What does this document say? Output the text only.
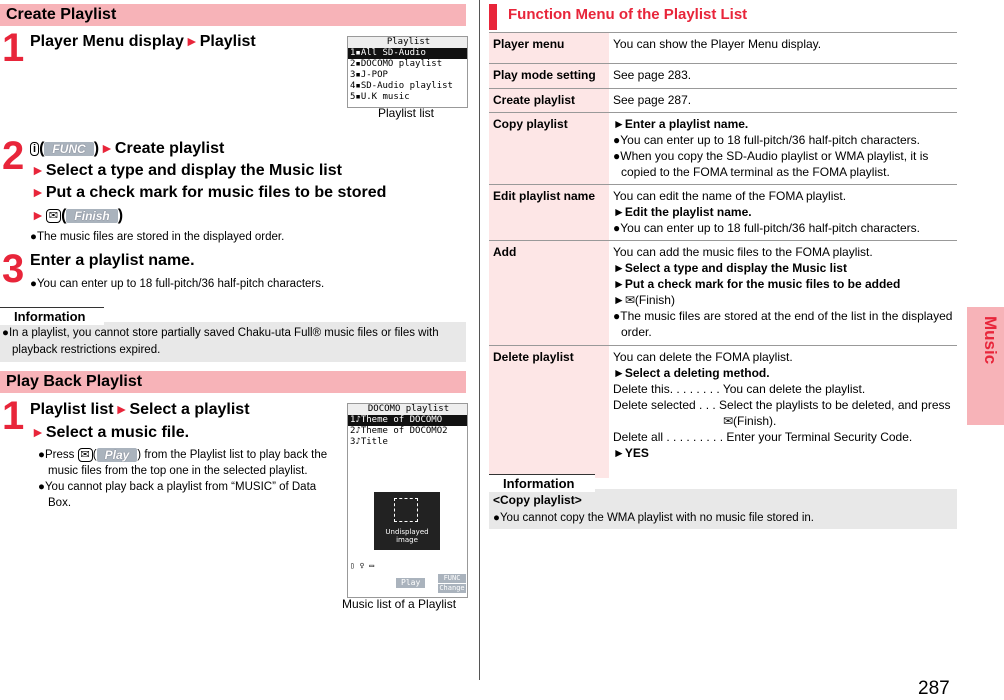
Create Playlist
1 Player Menu display►Playlist	Playlist
1▪All SD-Audio
2▪DOCOMO playlist
3▪J-POP
4▪SD-Audio playlist
5▪U.K music
Playlist list
2 i ( FUNC )►Create playlist
►Select a type and display the Music list
►Put a check mark for music files to be stored
► ✉ ( Finish )
●The music files are stored in the displayed order.
3 Enter a playlist name.
●You can enter up to 18 full-pitch/36 half-pitch characters.
Information
●In a playlist, you cannot store partially saved Chaku-uta Full® music files or files with
playback restrictions expired.
Play Back Playlist
1 Playlist list►Select a playlist
►Select a music file.
●Press ✉ ( Play ) from the Playlist list to play back the
music files from the top one in the selected playlist.
●You cannot play back a playlist from “MUSIC” of Data
Box.
DOCOMO playlist
1♪Theme of DOCOMO
2♪Theme of DOCOMO2
3♪Title
Undisplayed image
▯ ♀ ▭
Play	FUNC
Change
Music list of a Playlist
Function Menu of the Playlist List
Player menu	You can show the Player Menu display.
Play mode setting	See page 283.
Create playlist	See page 287.
Copy playlist	►Enter a playlist name.
●You can enter up to 18 full-pitch/36 half-pitch characters.
●When you copy the SD-Audio playlist or WMA playlist, it is
copied to the FOMA terminal as the FOMA playlist.
Edit playlist name	You can edit the name of the FOMA playlist.
►Edit the playlist name.
●You can enter up to 18 full-pitch/36 half-pitch characters.
Add	You can add the music files to the FOMA playlist.
►Select a type and display the Music list
►Put a check mark for the music files to be added
►✉(Finish)
●The music files are stored at the end of the list in the displayed
order.
Delete playlist	You can delete the FOMA playlist.
►Select a deleting method.
Delete this. . . . . . . . You can delete the playlist.
Delete selected . . . Select the playlists to be deleted, and press
✉(Finish).
Delete all . . . . . . . . . Enter your Terminal Security Code.
►YES
Information
<Copy playlist>
●You cannot copy the WMA playlist with no music file stored in.
Music
287
